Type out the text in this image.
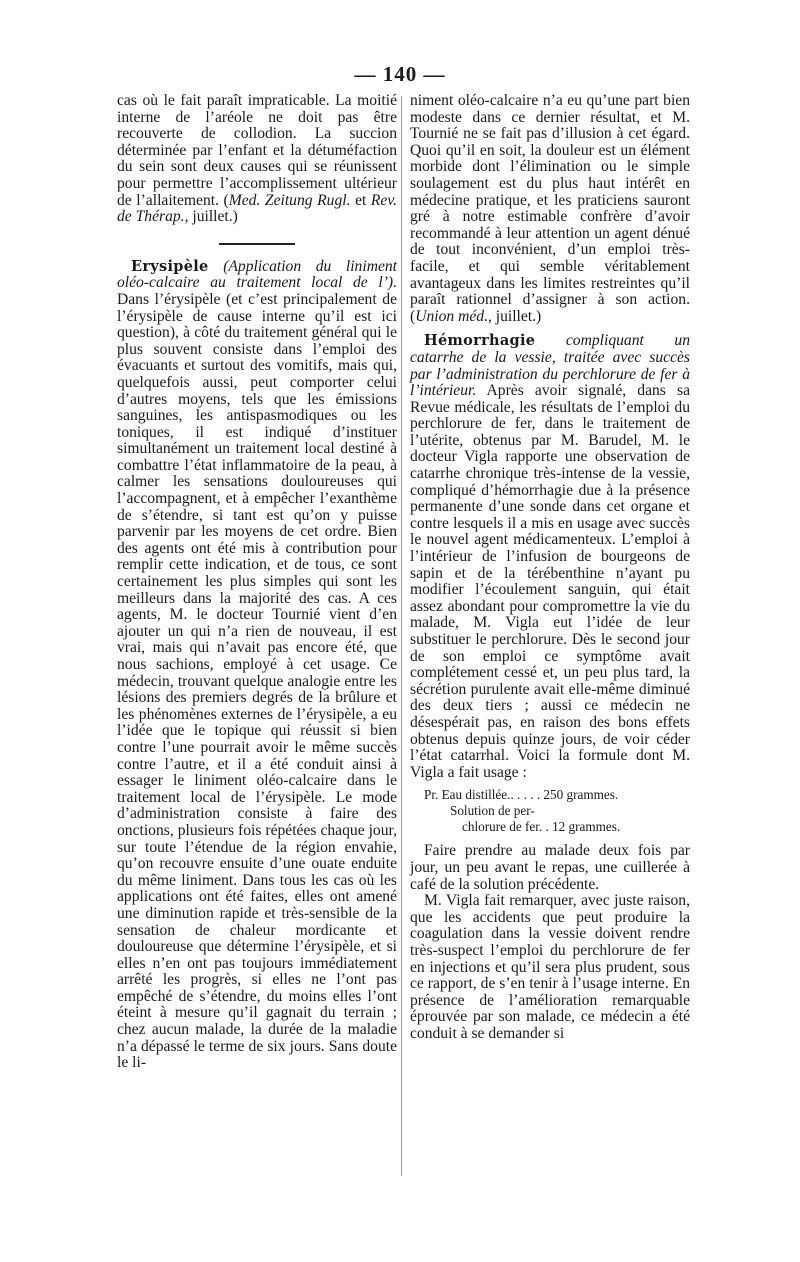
— 140 —

cas où le fait paraît impraticable. La moitié interne de l’aréole ne doit pas être recouverte de collodion. La succion déterminée par l’enfant et la détuméfaction du sein sont deux causes qui se réunissent pour permettre l’accomplissement ultérieur de l’allaitement. (Med. Zeitung Rugl. et Rev. de Thérap., juillet.)

Erysipèle (Application du liniment oléo-calcaire au traitement local de l’). Dans l’érysipèle (et c’est principalement de l’érysipèle de cause interne qu’il est ici question), à côté du traitement général qui le plus souvent consiste dans l’emploi des évacuants et surtout des vomitifs, mais qui, quelquefois aussi, peut comporter celui d’autres moyens, tels que les émissions sanguines, les antispasmodiques ou les toniques, il est indiqué d’instituer simultanément un traitement local destiné à combattre l’état inflammatoire de la peau, à calmer les sensations douloureuses qui l’accompagnent, et à empêcher l’exanthème de s’étendre, si tant est qu’on y puisse parvenir par les moyens de cet ordre. Bien des agents ont été mis à contribution pour remplir cette indication, et de tous, ce sont certainement les plus simples qui sont les meilleurs dans la majorité des cas. A ces agents, M. le docteur Tournié vient d’en ajouter un qui n’a rien de nouveau, il est vrai, mais qui n’avait pas encore été, que nous sachions, employé à cet usage. Ce médecin, trouvant quelque analogie entre les lésions des premiers degrés de la brûlure et les phénomènes externes de l’érysipèle, a eu l’idée que le topique qui réussit si bien contre l’une pourrait avoir le même succès contre l’autre, et il a été conduit ainsi à essager le liniment oléo-calcaire dans le traitement local de l’érysipèle. Le mode d’administration consiste à faire des onctions, plusieurs fois répétées chaque jour, sur toute l’étendue de la région envahie, qu’on recouvre ensuite d’une ouate enduite du même liniment. Dans tous les cas où les applications ont été faites, elles ont amené une diminution rapide et très-sensible de la sensation de chaleur mordicante et douloureuse que détermine l’érysipèle, et si elles n’en ont pas toujours immédiatement arrêté les progrès, si elles ne l’ont pas empêché de s’étendre, du moins elles l’ont éteint à mesure qu’il gagnait du terrain ; chez aucun malade, la durée de la maladie n’a dépassé le terme de six jours. Sans doute le li-

niment oléo-calcaire n’a eu qu’une part bien modeste dans ce dernier résultat, et M. Tournié ne se fait pas d’illusion à cet égard. Quoi qu’il en soit, la douleur est un élément morbide dont l’élimination ou le simple soulagement est du plus haut intérêt en médecine pratique, et les praticiens sauront gré à notre estimable confrère d’avoir recommandé à leur attention un agent dénué de tout inconvénient, d’un emploi très-facile, et qui semble véritablement avantageux dans les limites restreintes qu’il paraît rationnel d’assigner à son action. (Union méd., juillet.)

Hémorrhagie compliquant un catarrhe de la vessie, traitée avec succès par l’administration du perchlorure de fer à l’intérieur. Après avoir signalé, dans sa Revue médicale, les résultats de l’emploi du perchlorure de fer, dans le traitement de l’utérite, obtenus par M. Barudel, M. le docteur Vigla rapporte une observation de catarrhe chronique très-intense de la vessie, compliqué d’hémorrhagie due à la présence permanente d’une sonde dans cet organe et contre lesquels il a mis en usage avec succès le nouvel agent médicamenteux. L’emploi à l’intérieur de l’infusion de bourgeons de sapin et de la térébenthine n’ayant pu modifier l’écoulement sanguin, qui était assez abondant pour compromettre la vie du malade, M. Vigla eut l’idée de leur substituer le perchlorure. Dès le second jour de son emploi ce symptôme avait complétement cessé et, un peu plus tard, la sécrétion purulente avait elle-même diminué des deux tiers ; aussi ce médecin ne désespérait pas, en raison des bons effets obtenus depuis quinze jours, de voir céder l’état catarrhal. Voici la formule dont M. Vigla a fait usage :

Pr. Eau distillée.. . . . . 250 grammes.
Solution de per-
chlorure de fer. . 12 grammes.

Faire prendre au malade deux fois par jour, un peu avant le repas, une cuillerée à café de la solution précédente.

M. Vigla fait remarquer, avec juste raison, que les accidents que peut produire la coagulation dans la vessie doivent rendre très-suspect l’emploi du perchlorure de fer en injections et qu’il sera plus prudent, sous ce rapport, de s’en tenir à l’usage interne. En présence de l’amélioration remarquable éprouvée par son malade, ce médecin a été conduit à se demander si
